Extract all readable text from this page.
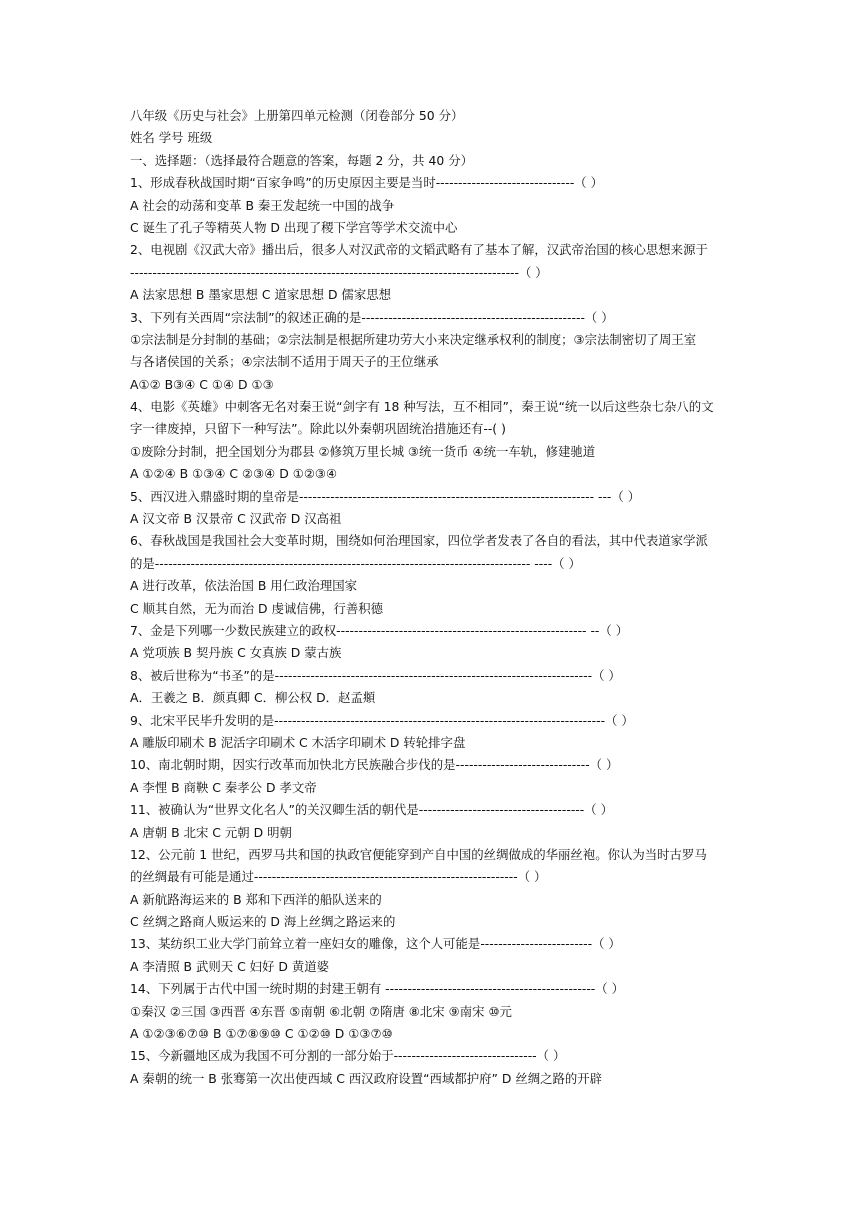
八年级《历史与社会》上册第四单元检测（闭卷部分 50 分）
姓名 学号 班级
一、选择题：（选择最符合题意的答案，每题 2 分，共 40 分）
1、形成春秋战国时期“百家争鸣”的历史原因主要是当时-------------------------------（ ）
A 社会的动荡和变革 B 秦王发起统一中国的战争
C 诞生了孔子等精英人物 D 出现了稷下学宫等学术交流中心
2、电视剧《汉武大帝》播出后，很多人对汉武帝的文韬武略有了基本了解，汉武帝治国的核心思想来源于
---------------------------------------------------------------------------------------（ ）
A 法家思想 B 墨家思想 C 道家思想 D 儒家思想
3、下列有关西周“宗法制”的叙述正确的是--------------------------------------------------（ ）
①宗法制是分封制的基础；②宗法制是根据所建功劳大小来决定继承权利的制度；③宗法制密切了周王室
与各诸侯国的关系；④宗法制不适用于周天子的王位继承
A①② B③④ C ①④ D ①③
4、电影《英雄》中刺客无名对秦王说“剑字有 18 种写法，互不相同”，秦王说“统一以后这些杂七杂八的文
字一律废掉，只留下一种写法”。除此以外秦朝巩固统治措施还有--( )
①废除分封制，把全国划分为郡县 ②修筑万里长城 ③统一货币 ④统一车轨，修建驰道
A ①②④ B ①③④ C ②③④ D ①②③④
5、西汉进入鼎盛时期的皇帝是------------------------------------------------------------------ ---（ ）
A 汉文帝 B 汉景帝 C 汉武帝 D 汉高祖
6、春秋战国是我国社会大变革时期，围绕如何治理国家，四位学者发表了各自的看法，其中代表道家学派
的是------------------------------------------------------------------------------------ ----（ ）
A 进行改革，依法治国 B 用仁政治理国家
C 顺其自然，无为而治 D 虔诚信佛，行善积德
7、金是下列哪一少数民族建立的政权-------------------------------------------------------- --（ ）
A 党项族 B 契丹族 C 女真族 D 蒙古族
8、被后世称为“书圣”的是-----------------------------------------------------------------------（ ）
A．王羲之 B．颜真卿 C．柳公权 D．赵孟頫
9、北宋平民毕升发明的是--------------------------------------------------------------------------（ ）
A 雕版印刷术 B 泥活字印刷术 C 木活字印刷术 D 转轮排字盘
10、南北朝时期，因实行改革而加快北方民族融合步伐的是------------------------------（ ）
A 李悝 B 商鞅 C 秦孝公 D 孝文帝
11、被确认为“世界文化名人”的关汉卿生活的朝代是-------------------------------------（ ）
A 唐朝 B 北宋 C 元朝 D 明朝
12、公元前 1 世纪，西罗马共和国的执政官便能穿到产自中国的丝绸做成的华丽丝袍。你认为当时古罗马
的丝绸最有可能是通过-----------------------------------------------------------（ ）
A 新航路海运来的 B 郑和下西洋的船队送来的
C 丝绸之路商人贩运来的 D 海上丝绸之路运来的
13、某纺织工业大学门前耸立着一座妇女的雕像，这个人可能是-------------------------（ ）
A 李清照 B 武则天 C 妇好 D 黄道婆
14、下列属于古代中国一统时期的封建王朝有 -----------------------------------------------（ ）
①秦汉 ②三国 ③西晋 ④东晋 ⑤南朝 ⑥北朝 ⑦隋唐 ⑧北宋 ⑨南宋 ⑩元
A ①②③⑥⑦⑩ B ①⑦⑧⑨⑩ C ①②⑩ D ①③⑦⑩
15、今新疆地区成为我国不可分割的一部分始于--------------------------------（ ）
A 秦朝的统一 B 张骞第一次出使西域 C 西汉政府设置“西域都护府” D 丝绸之路的开辟
